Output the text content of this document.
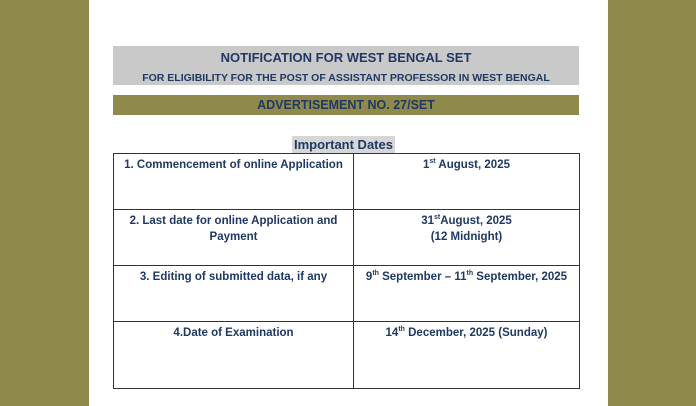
NOTIFICATION FOR WEST BENGAL SET
FOR ELIGIBILITY FOR THE POST OF ASSISTANT PROFESSOR IN WEST BENGAL
ADVERTISEMENT NO. 27/SET
Important Dates
1. Commencement of online Application	1st August, 2025
2. Last date for online Application and Payment	31stAugust, 2025
(12 Midnight)
3. Editing of submitted data, if any	9th September – 11th September, 2025
4.Date of Examination	14th December, 2025 (Sunday)
